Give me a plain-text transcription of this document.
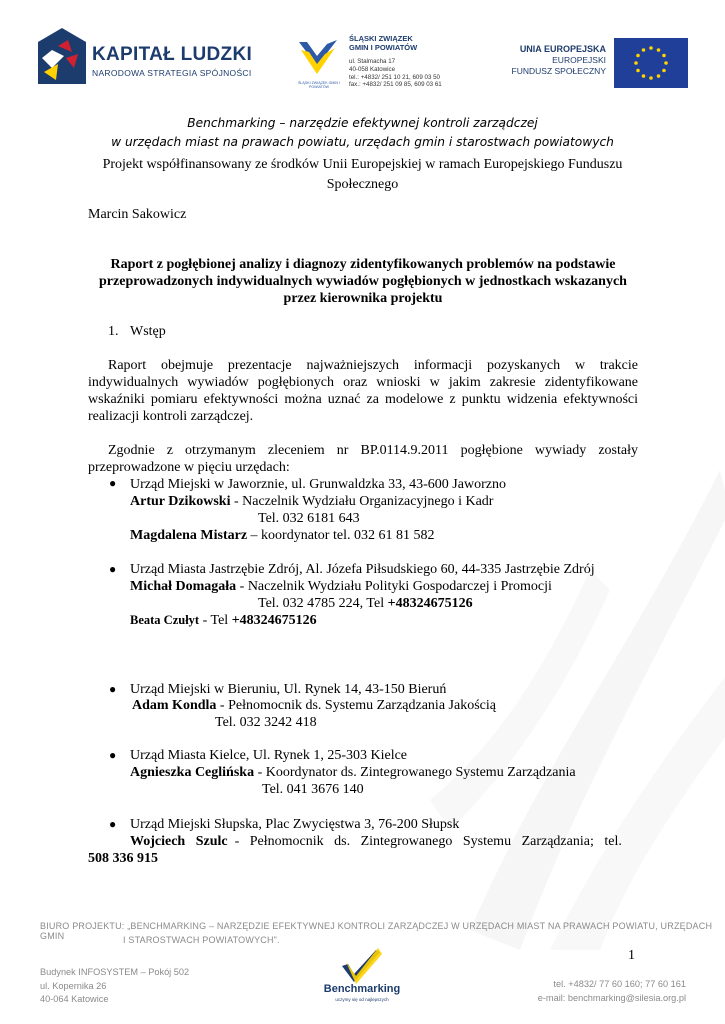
KAPITAŁ LUDZKI
NARODOWA STRATEGIA SPÓJNOŚCI
ŚLĄSKI ZWIĄZEK GMIN I POWIATÓW
ŚLĄSKI ZWIĄZEK
GMIN I POWIATÓW
ul. Stalmacha 17
40-058 Katowice
tel.: +4832/ 251 10 21, 609 03 50
fax.: +4832/ 251 09 85, 609 03 61
UNIA EUROPEJSKA
EUROPEJSKI
FUNDUSZ SPOŁECZNY
Benchmarking – narzędzie efektywnej kontroli zarządczej
w urzędach miast na prawach powiatu, urzędach gmin i starostwach powiatowych
Projekt współfinansowany ze środków Unii Europejskiej w ramach Europejskiego Funduszu
Społecznego
Marcin Sakowicz
Raport z pogłębionej analizy i diagnozy zidentyfikowanych problemów na podstawie
przeprowadzonych indywidualnych wywiadów pogłębionych w jednostkach wskazanych
przez kierownika projektu
1. Wstęp
Raport obejmuje prezentacje najważniejszych informacji pozyskanych w trakcie
indywidualnych wywiadów pogłębionych oraz wnioski w jakim zakresie zidentyfikowane
wskaźniki pomiaru efektywności można uznać za modelowe z punktu widzenia efektywności
realizacji kontroli zarządczej.
Zgodnie z otrzymanym zleceniem nr BP.0114.9.2011 pogłębione wywiady zostały
przeprowadzone w pięciu urzędach:
● Urząd Miejski w Jaworznie, ul. Grunwaldzka 33, 43-600 Jaworzno
Artur Dzikowski - Naczelnik Wydziału Organizacyjnego i Kadr
Tel. 032 6181 643
Magdalena Mistarz – koordynator tel. 032 61 81 582
● Urząd Miasta Jastrzębie Zdrój, Al. Józefa Piłsudskiego 60, 44-335 Jastrzębie Zdrój
Michał Domagała - Naczelnik Wydziału Polityki Gospodarczej i Promocji
Tel. 032 4785 224, Tel +48324675126
Beata Czułyt - Tel +48324675126
● Urząd Miejski w Bieruniu, Ul. Rynek 14, 43-150 Bieruń
Adam Kondla - Pełnomocnik ds. Systemu Zarządzania Jakością
Tel. 032 3242 418
● Urząd Miasta Kielce, Ul. Rynek 1, 25-303 Kielce
Agnieszka Ceglińska - Koordynator ds. Zintegrowanego Systemu Zarządzania
Tel. 041 3676 140
● Urząd Miejski Słupska, Plac Zwycięstwa 3, 76-200 Słupsk
Wojciech   Szulc  -   Pełnomocnik   ds.   Zintegrowanego   Systemu   Zarządzania;   tel.
508 336 915
BIURO PROJEKTU: „BENCHMARKING – NARZĘDZIE EFEKTYWNEJ KONTROLI ZARZĄDCZEJ W URZĘDACH MIAST NA PRAWACH POWIATU, URZĘDACH GMIN	I STAROSTWACH POWIATOWYCH".
1
Budynek INFOSYSTEM – Pokój 502
ul. Kopernika 26
40-064 Katowice
Benchmarking
uczymy się od najlepszych
tel. +4832/ 77 60 160; 77 60 161
e-mail: benchmarking@silesia.org.pl
